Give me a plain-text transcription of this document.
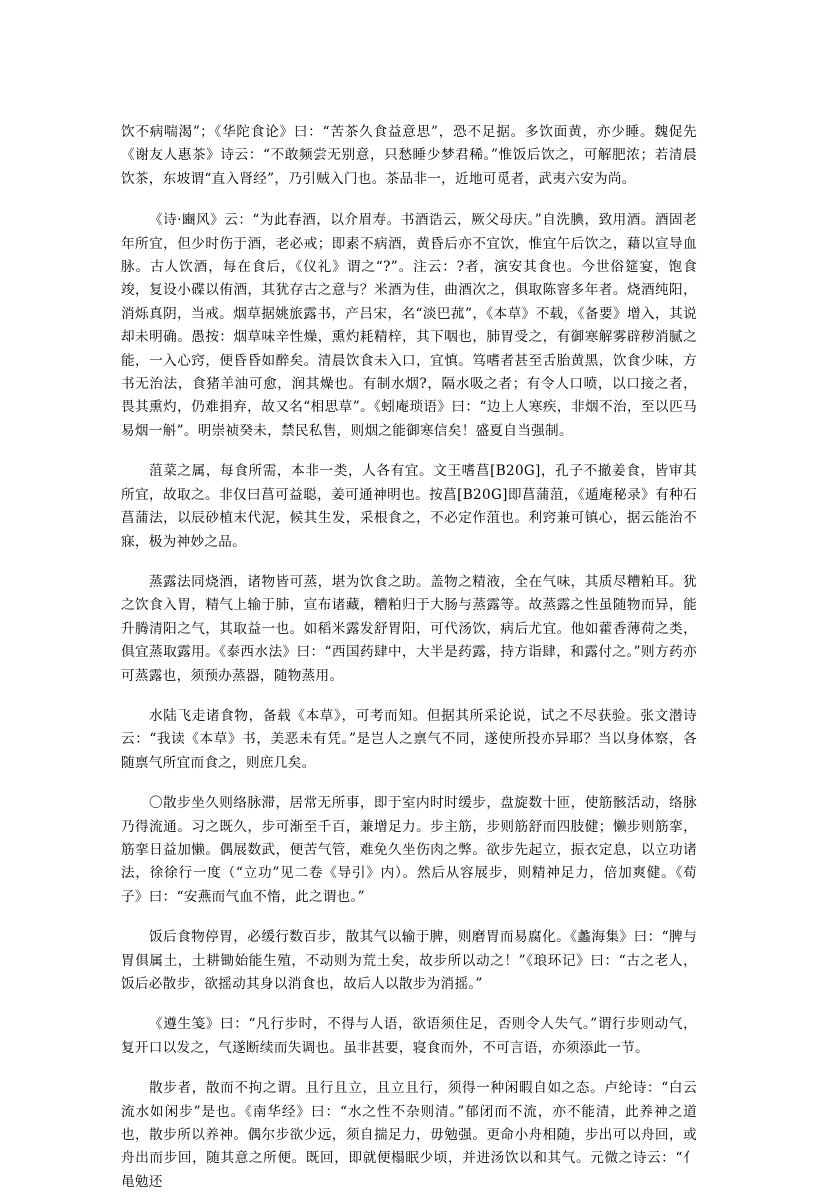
饮不病喘渴”；《华陀食论》曰：“苦茶久食益意思”，恐不足据。多饮面黄，亦少睡。魏促先《谢友人惠茶》诗云：“不敢频尝无别意，只愁睡少梦君稀。”惟饭后饮之，可解肥浓；若清晨饮茶，东坡谓“直入肾经”，乃引贼入门也。茶品非一，近地可觅者，武夷六安为尚。

《诗·豳风》云：“为此春酒，以介眉寿。书酒诰云，厥父母庆。”自洗腆，致用酒。酒固老年所宜，但少时伤于酒，老必戒；即素不病酒，黄昏后亦不宜饮，惟宜午后饮之，藉以宣导血脉。古人饮酒，每在食后，《仪礼》谓之“?”。注云：?者，演安其食也。今世俗筵宴，饱食竣，复设小碟以侑酒，其犹存古之意与？米酒为佳，曲酒次之，俱取陈窨多年者。烧酒纯阳，消烁真阴，当戒。烟草据姚旅露书，产吕宋，名“淡巴菰”，《本草》不载，《备要》增入，其说却未明确。愚按：烟草味辛性燥，熏灼耗精梓，其下咽也，肺胃受之，有御寒解雾辟秽消腻之能，一入心窍，便昏昏如醉矣。清晨饮食未入口，宜慎。笃嗜者甚至舌胎黄黑，饮食少味，方书无治法，食猪羊油可愈，润其燥也。有制水烟?，隔水吸之者；有令人口喷，以口接之者，畏其熏灼，仍难捐弃，故又名“相思草”。《蚓庵琐语》曰：“边上人寒疾，非烟不治，至以匹马易烟一斛”。明崇祯癸未，禁民私售，则烟之能御寒信矣！盛夏自当强制。

菹菜之属，每食所需，本非一类，人各有宜。文王嗜菖[B20G]，孔子不撤姜食，皆审其所宜，故取之。非仅曰菖可益聪，姜可通神明也。按菖[B20G]即菖蒲菹，《遁庵秘录》有种石菖蒲法，以辰砂植末代泥，候其生发，采根食之，不必定作菹也。利窍兼可镇心，据云能治不寐，极为神妙之品。

蒸露法同烧酒，诸物皆可蒸，堪为饮食之助。盖物之精液，全在气味，其质尽糟粕耳。犹之饮食入胃，精气上输于肺，宣布诸藏，糟粕归于大肠与蒸露等。故蒸露之性虽随物而异，能升腾清阳之气，其取益一也。如稻米露发舒胃阳，可代汤饮，病后尤宜。他如藿香薄荷之类，俱宜蒸取露用。《泰西水法》曰：“西国药肆中，大半是药露，持方诣肆，和露付之。”则方药亦可蒸露也，须预办蒸器，随物蒸用。

水陆飞走诸食物，备载《本草》，可考而知。但据其所采论说，试之不尽获验。张文潜诗云：“我读《本草》书，美恶未有凭。”是岂人之禀气不同，遂使所投亦异耶？当以身体察，各随禀气所宜而食之，则庶几矣。

〇散步坐久则络脉滞，居常无所事，即于室内时时缓步，盘旋数十匝，使筋骸活动，络脉乃得流通。习之既久，步可渐至千百，兼增足力。步主筋，步则筋舒而四肢健；懒步则筋挛，筋挛日益加懒。偶展数武，便苦气管，难免久坐伤肉之弊。欲步先起立，振衣定息，以立功诸法，徐徐行一度（“立功”见二卷《导引》内）。然后从容展步，则精神足力，倍加爽健。《荀子》曰：“安燕而气血不惰，此之谓也。”

饭后食物停胃，必缓行数百步，散其气以输于脾，则磨胃而易腐化。《蠡海集》曰：“脾与胃俱属土，土耕锄始能生殖，不动则为荒土矣，故步所以动之！”《琅环记》曰：“古之老人，饭后必散步，欲摇动其身以消食也，故后人以散步为消摇。”

《遵生笺》曰：“凡行步时，不得与人语，欲语须住足，否则令人失气。”谓行步则动气，复开口以发之，气遂断续而失调也。虽非甚要，寝食而外，不可言语，亦须添此一节。

散步者，散而不拘之谓。且行且立，且立且行，须得一种闲暇自如之态。卢纶诗：“白云流水如闲步”是也。《南华经》曰：“水之性不杂则清。”郁闭而不流，亦不能清，此养神之道也，散步所以养神。偶尔步欲少远，须自揣足力，毋勉强。更命小舟相随，步出可以舟回，或舟出而步回，随其意之所便。既回，即就便榻眠少顷，并进汤饮以和其气。元微之诗云：“亻 黾勉还
